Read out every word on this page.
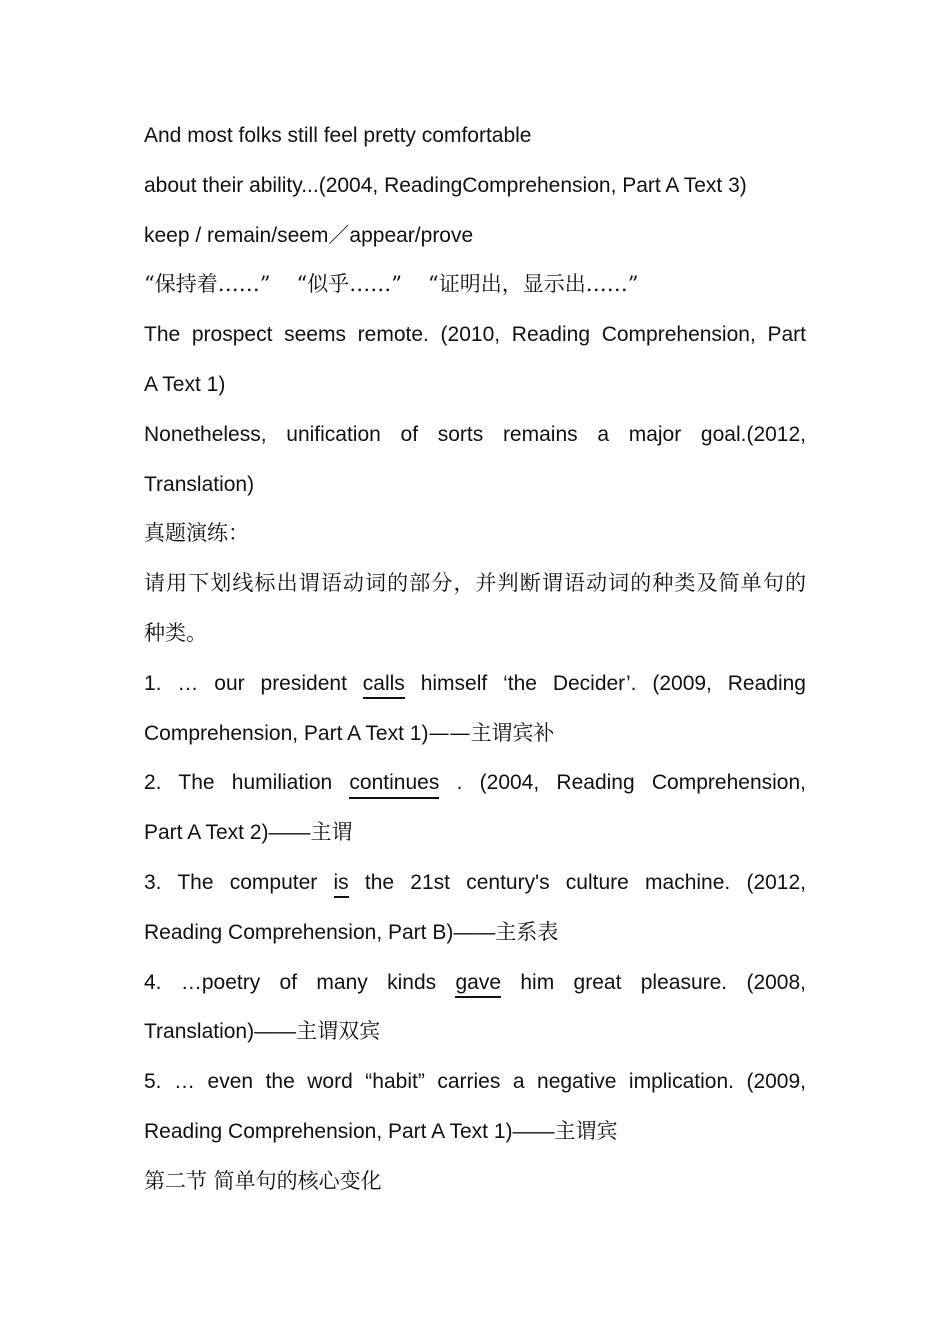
And most folks still feel pretty comfortable
about their ability...(2004, ReadingComprehension, Part A Text 3)
keep / remain/seem／appear/prove
“保持着……” “似乎……” “证明出，显示出……”
The prospect seems remote. (2010, Reading Comprehension, Part
A Text 1)
Nonetheless, unification of sorts remains a major goal.(2012,
Translation)
真题演练：
请用下划线标出谓语动词的部分，并判断谓语动词的种类及简单句的
种类。
1. … our president calls himself ‘the Decider’. (2009, Reading
Comprehension, Part A Text 1)——主谓宾补
2. The humiliation continues . (2004, Reading Comprehension,
Part A Text 2)——主谓
3. The computer is the 21st century's culture machine. (2012,
Reading Comprehension, Part B)——主系表
4. …poetry of many kinds gave him great pleasure. (2008,
Translation)——主谓双宾
5. … even the word “habit” carries a negative implication. (2009,
Reading Comprehension, Part A Text 1)——主谓宾
第二节 简单句的核心变化
